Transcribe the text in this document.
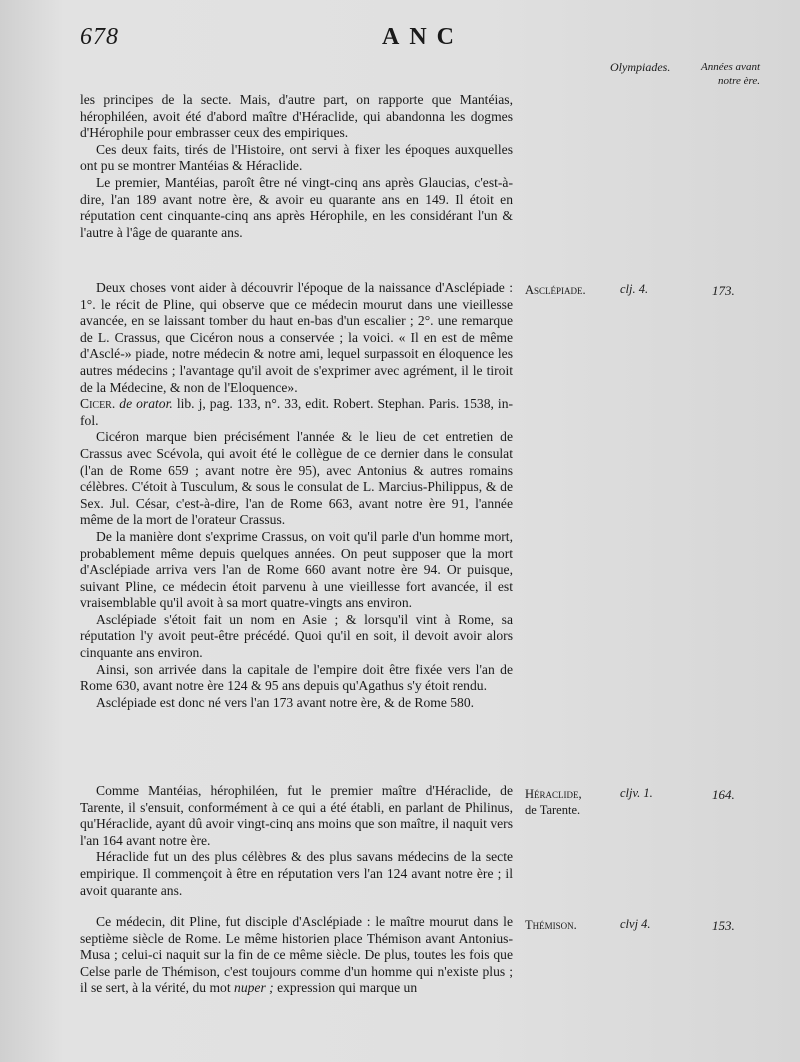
678	ANC
Olympiades.	Années avant notre ère.

les principes de la secte. Mais, d'autre part, on rapporte que Mantéias, hérophiléen, avoit été d'abord maître d'Héraclide, qui abandonna les dogmes d'Hérophile pour embrasser ceux des empiriques.

Ces deux faits, tirés de l'Histoire, ont servi à fixer les époques auxquelles ont pu se montrer Mantéias & Héraclide.

Le premier, Mantéias, paroît être né vingt-cinq ans après Glaucias, c'est-à-dire, l'an 189 avant notre ère, & avoir eu quarante ans en 149. Il étoit en réputation cent cinquante-cinq ans après Hérophile, en les considérant l'un & l'autre à l'âge de quarante ans.

Asclépiade.	clj. 4.	173.

Deux choses vont aider à découvrir l'époque de la naissance d'Asclépiade : 1°. le récit de Pline, qui observe que ce médecin mourut dans une vieillesse avancée, en se laissant tomber du haut en-bas d'un escalier ; 2°. une remarque de L. Crassus, que Cicéron nous a conservée ; la voici. « Il en est de même d'Asclé-» piade, notre médecin & notre ami, lequel surpassoit en éloquence les autres médecins ; l'avantage qu'il avoit de s'exprimer avec agrément, il le tiroit de la Médecine, & non de l'Eloquence».

Cicer. de orator. lib. j, pag. 133, n°. 33, edit. Robert. Stephan. Paris. 1538, in-fol.

Cicéron marque bien précisément l'année & le lieu de cet entretien de Crassus avec Scévola, qui avoit été le collègue de ce dernier dans le consulat (l'an de Rome 659 ; avant notre ère 95), avec Antonius & autres romains célèbres. C'étoit à Tusculum, & sous le consulat de L. Marcius-Philippus, & de Sex. Jul. César, c'est-à-dire, l'an de Rome 663, avant notre ère 91, l'année même de la mort de l'orateur Crassus.

De la manière dont s'exprime Crassus, on voit qu'il parle d'un homme mort, probablement même depuis quelques années. On peut supposer que la mort d'Asclépiade arriva vers l'an de Rome 660 avant notre ère 94. Or puisque, suivant Pline, ce médecin étoit parvenu à une vieillesse fort avancée, il est vraisemblable qu'il avoit à sa mort quatre-vingts ans environ.

Asclépiade s'étoit fait un nom en Asie ; & lorsqu'il vint à Rome, sa réputation l'y avoit peut-être précédé. Quoi qu'il en soit, il devoit avoir alors cinquante ans environ.

Ainsi, son arrivée dans la capitale de l'empire doit être fixée vers l'an de Rome 630, avant notre ère 124 & 95 ans depuis qu'Agathus s'y étoit rendu.

Asclépiade est donc né vers l'an 173 avant notre ère, & de Rome 580.

Héraclide,
de Tarente.
cljv. 1.	164.

Comme Mantéias, hérophiléen, fut le premier maître d'Héraclide, de Tarente, il s'ensuit, conformément à ce qui a été établi, en parlant de Philinus, qu'Héraclide, ayant dû avoir vingt-cinq ans moins que son maître, il naquit vers l'an 164 avant notre ère.

Héraclide fut un des plus célèbres & des plus savans médecins de la secte empirique. Il commençoit à être en réputation vers l'an 124 avant notre ère ; il avoit quarante ans.

Thémison.	clvj 4.	153.

Ce médecin, dit Pline, fut disciple d'Asclépiade : le maître mourut dans le septième siècle de Rome. Le même historien place Thémison avant Antonius-Musa ; celui-ci naquit sur la fin de ce même siècle. De plus, toutes les fois que Celse parle de Thémison, c'est toujours comme d'un homme qui n'existe plus ; il se sert, à la vérité, du mot nuper ; expression qui marque un
